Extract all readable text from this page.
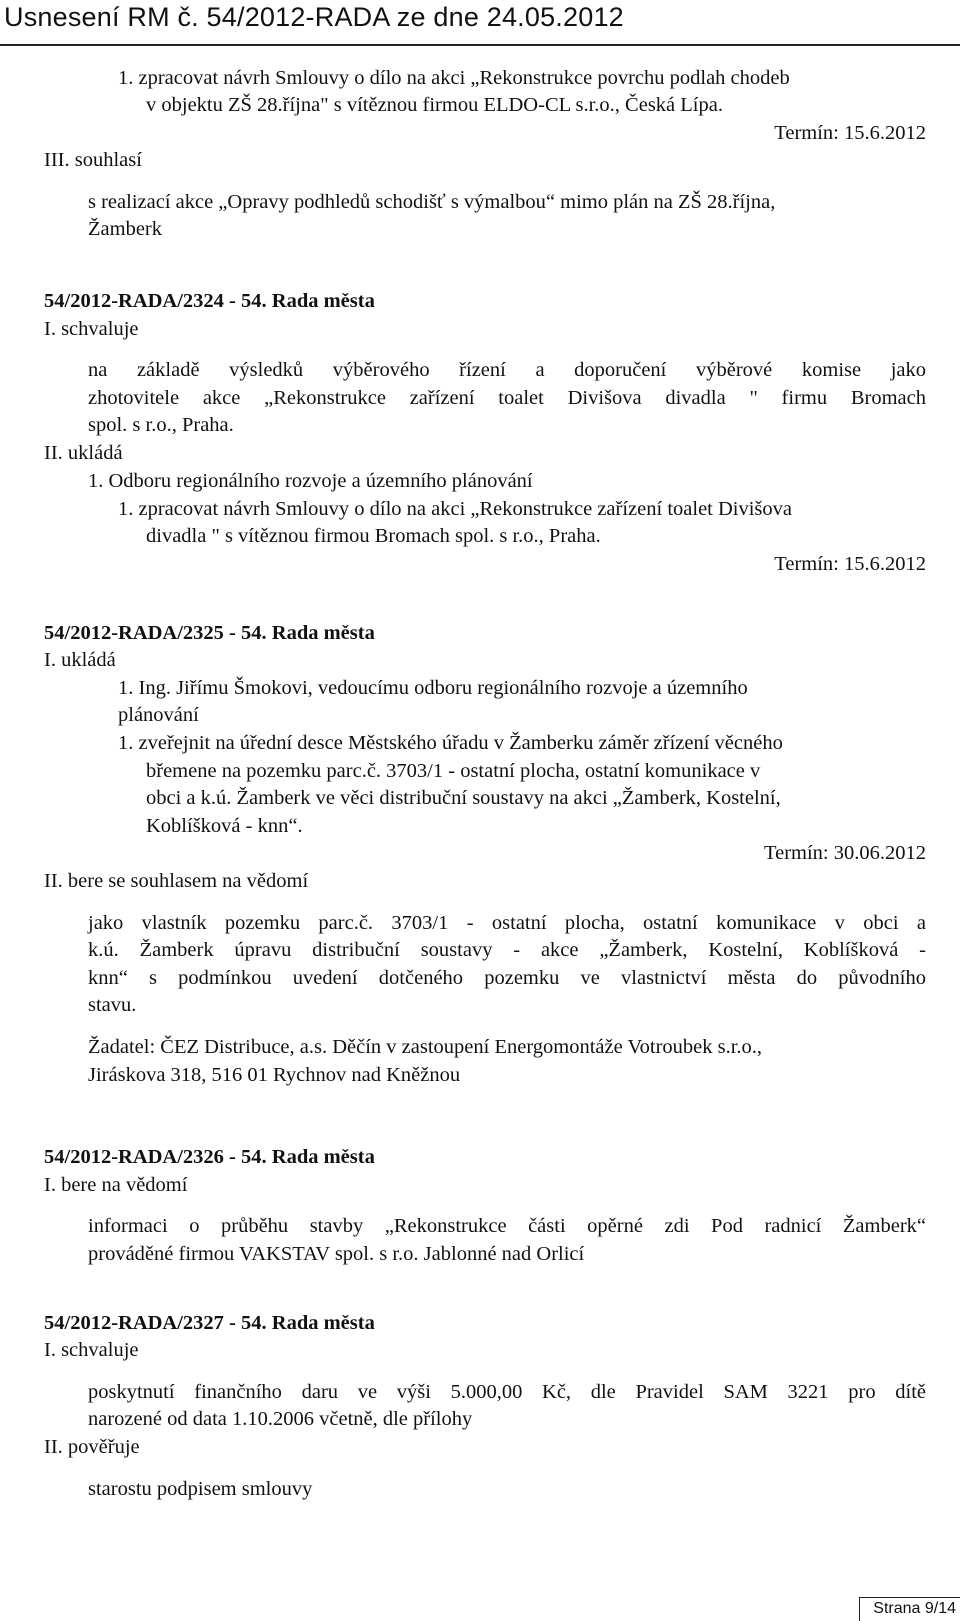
Usnesení RM č. 54/2012-RADA ze dne 24.05.2012
1. zpracovat návrh Smlouvy o dílo na akci „Rekonstrukce povrchu podlah chodeb
v objektu ZŠ 28.října" s vítěznou firmou ELDO-CL s.r.o., Česká Lípa.
Termín: 15.6.2012
III. souhlasí
s realizací akce „Opravy podhledů schodišť s výmalbou“ mimo plán na ZŠ 28.října,
Žamberk
54/2012-RADA/2324 - 54. Rada města
I. schvaluje
na základě výsledků výběrového řízení a doporučení výběrové komise jako
zhotovitele akce „Rekonstrukce zařízení toalet Divišova divadla " firmu Bromach
spol. s r.o., Praha.
II. ukládá
1. Odboru regionálního rozvoje a územního plánování
1. zpracovat návrh Smlouvy o dílo na akci „Rekonstrukce zařízení toalet Divišova
divadla " s vítěznou firmou Bromach spol. s r.o., Praha.
Termín: 15.6.2012
54/2012-RADA/2325 - 54. Rada města
I. ukládá
1. Ing. Jiřímu Šmokovi, vedoucímu odboru regionálního rozvoje a územního
plánování
1. zveřejnit na úřední desce Městského úřadu v Žamberku záměr zřízení věcného
břemene na pozemku parc.č. 3703/1 - ostatní plocha, ostatní komunikace v
obci a k.ú. Žamberk ve věci distribuční soustavy na akci „Žamberk, Kostelní,
Koblíšková - knn“.
Termín: 30.06.2012
II. bere se souhlasem na vědomí
jako vlastník pozemku parc.č. 3703/1 - ostatní plocha, ostatní komunikace v obci a
k.ú. Žamberk úpravu distribuční soustavy - akce „Žamberk, Kostelní, Koblíšková -
knn“ s podmínkou uvedení dotčeného pozemku ve vlastnictví města do původního
stavu.
Žadatel: ČEZ Distribuce, a.s. Děčín v zastoupení Energomontáže Votroubek s.r.o.,
Jiráskova 318, 516 01 Rychnov nad Kněžnou
54/2012-RADA/2326 - 54. Rada města
I. bere na vědomí
informaci o průběhu stavby „Rekonstrukce části opěrné zdi Pod radnicí Žamberk“
prováděné firmou VAKSTAV spol. s r.o. Jablonné nad Orlicí
54/2012-RADA/2327 - 54. Rada města
I. schvaluje
poskytnutí finančního daru ve výši 5.000,00 Kč, dle Pravidel SAM 3221 pro dítě
narozené od data 1.10.2006 včetně, dle přílohy
II. pověřuje
starostu podpisem smlouvy
Strana 9/14
